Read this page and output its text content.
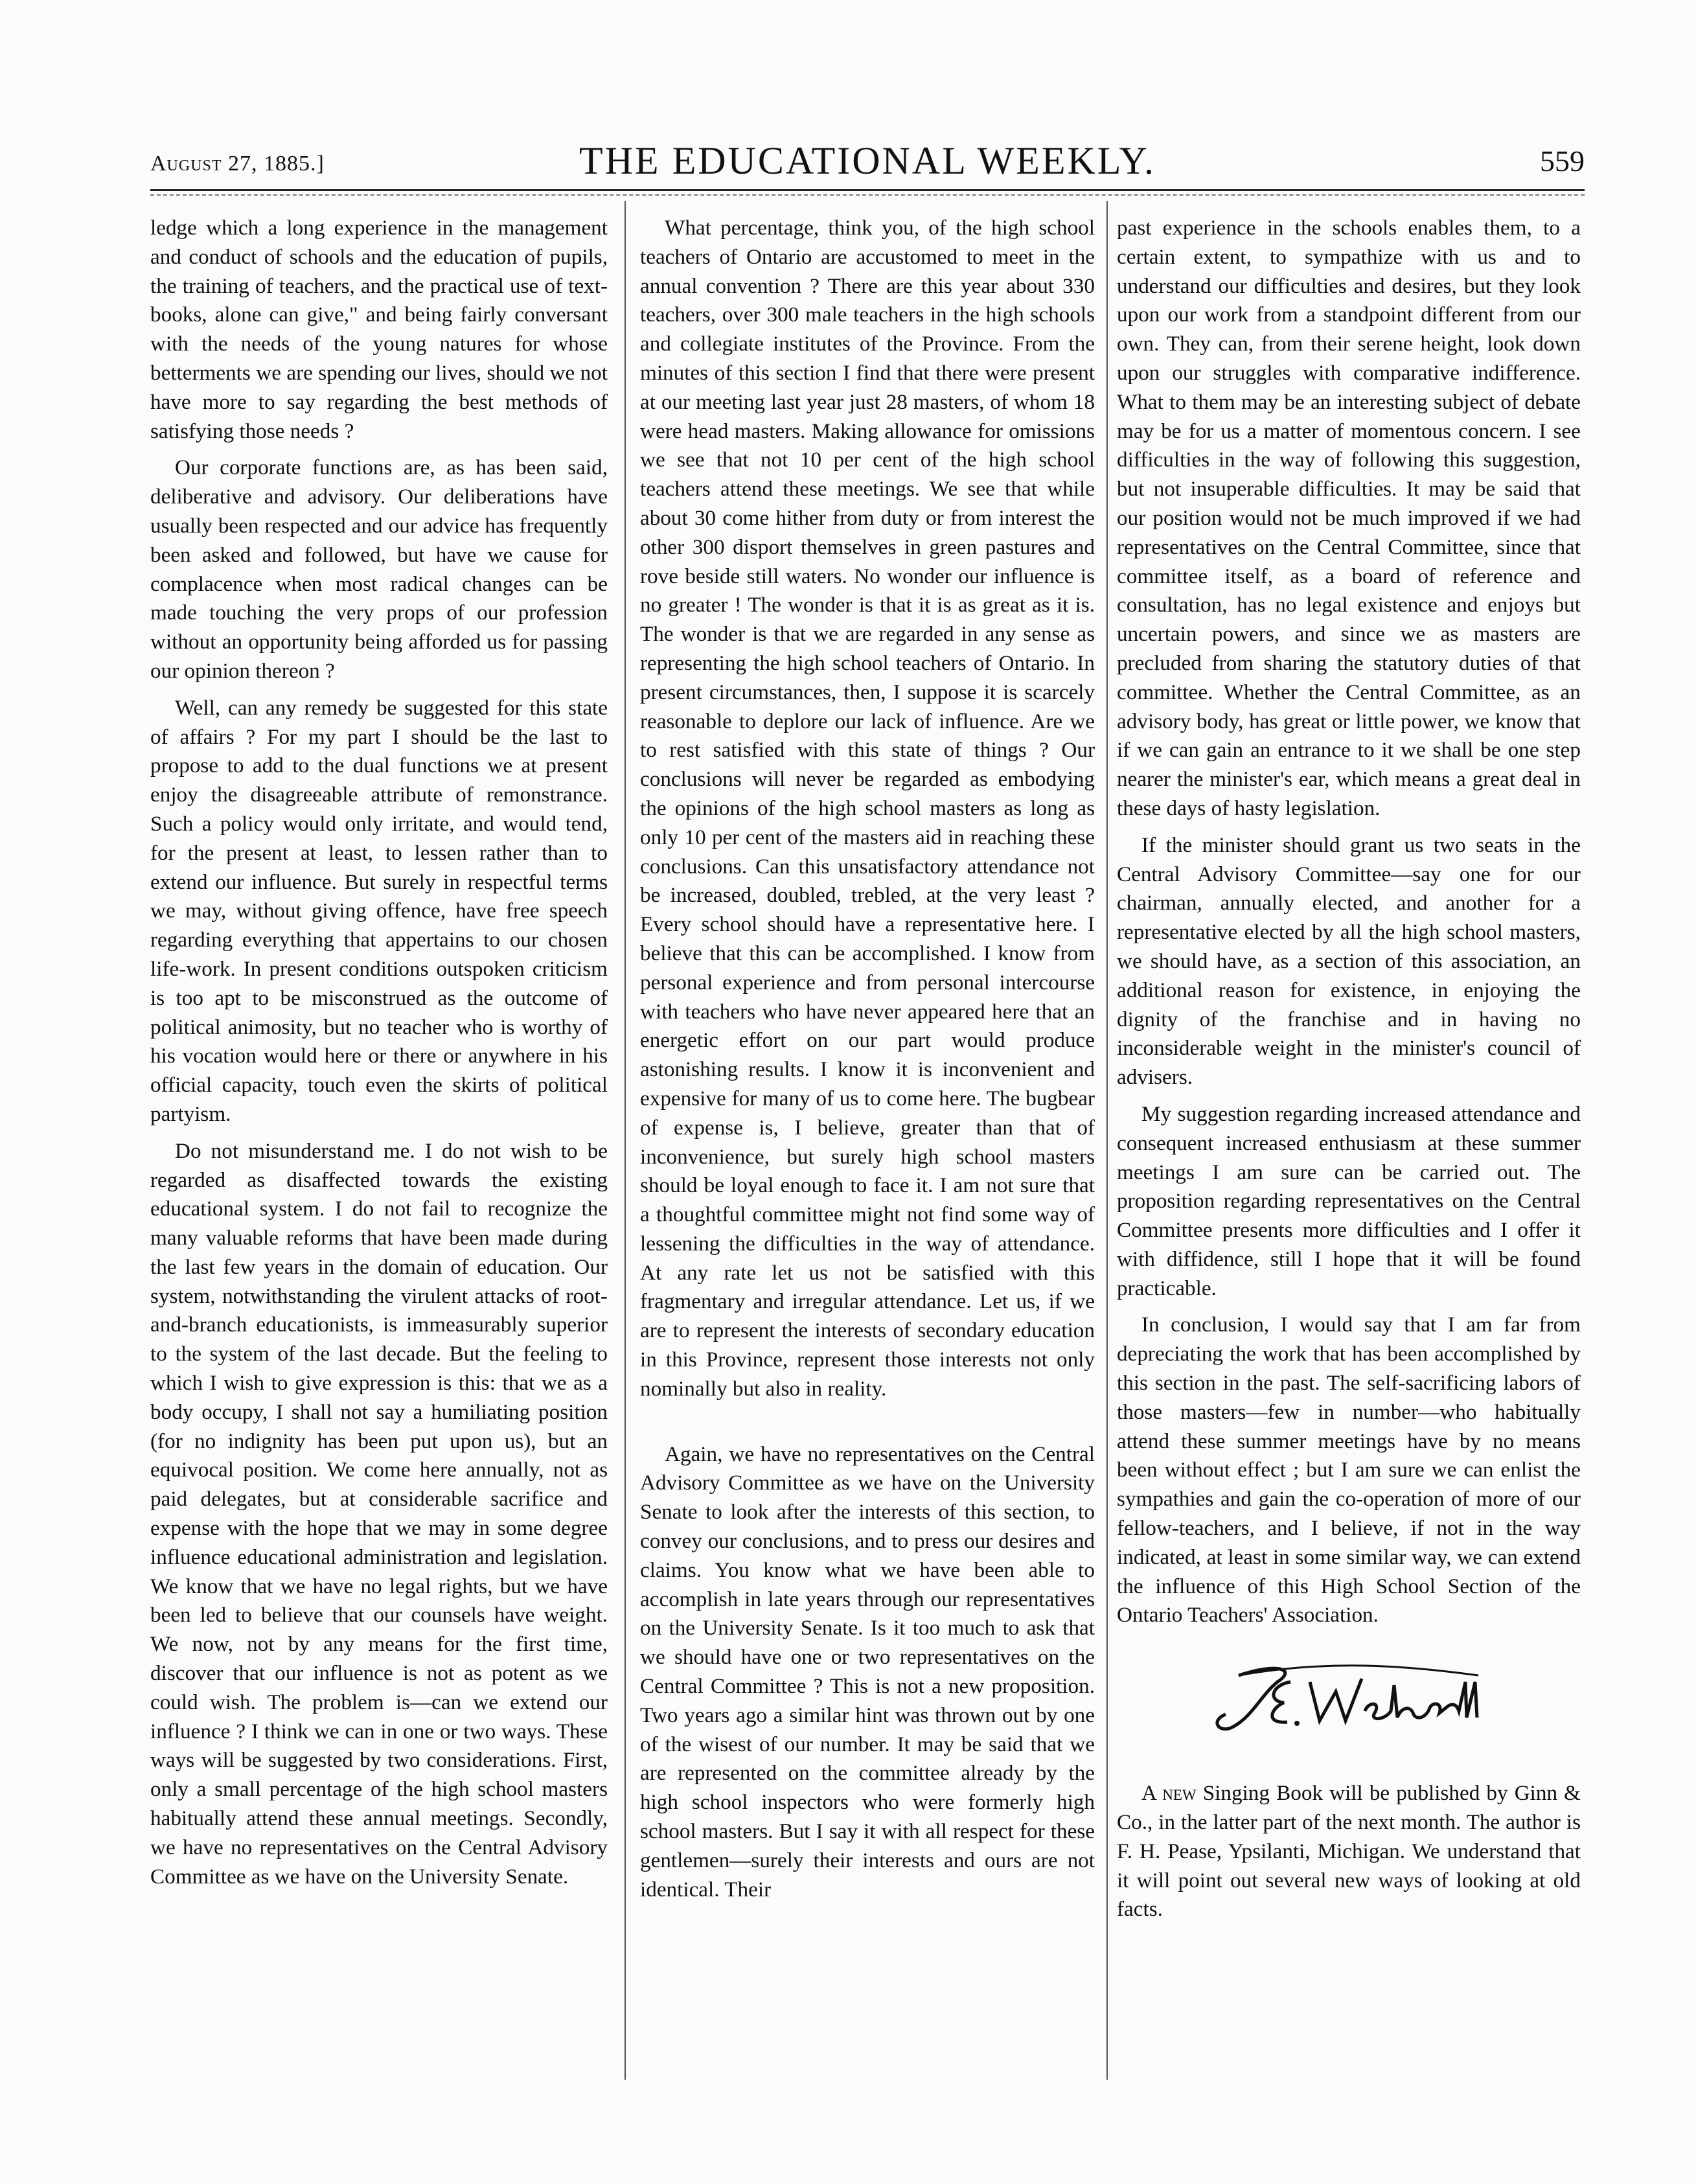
August 27, 1885.]	THE EDUCATIONAL WEEKLY.	559

ledge which a long experience in the management and conduct of schools and the education of pupils, the training of teachers, and the practical use of text-books, alone can give," and being fairly conversant with the needs of the young natures for whose betterments we are spending our lives, should we not have more to say regarding the best methods of satisfying those needs ?

Our corporate functions are, as has been said, deliberative and advisory. Our deliberations have usually been respected and our advice has frequently been asked and followed, but have we cause for complacence when most radical changes can be made touching the very props of our profession without an opportunity being afforded us for passing our opinion thereon ?

Well, can any remedy be suggested for this state of affairs ? For my part I should be the last to propose to add to the dual functions we at present enjoy the disagreeable attribute of remonstrance. Such a policy would only irritate, and would tend, for the present at least, to lessen rather than to extend our influence. But surely in respectful terms we may, without giving offence, have free speech regarding everything that appertains to our chosen life-work. In present conditions outspoken criticism is too apt to be misconstrued as the outcome of political animosity, but no teacher who is worthy of his vocation would here or there or anywhere in his official capacity, touch even the skirts of political partyism.

Do not misunderstand me. I do not wish to be regarded as disaffected towards the existing educational system. I do not fail to recognize the many valuable reforms that have been made during the last few years in the domain of education. Our system, notwithstanding the virulent attacks of root-and-branch educationists, is immeasurably superior to the system of the last decade. But the feeling to which I wish to give expression is this: that we as a body occupy, I shall not say a humiliating position (for no indignity has been put upon us), but an equivocal position. We come here annually, not as paid delegates, but at considerable sacrifice and expense with the hope that we may in some degree influence educational administration and legislation. We know that we have no legal rights, but we have been led to believe that our counsels have weight. We now, not by any means for the first time, discover that our influence is not as potent as we could wish. The problem is—can we extend our influence ? I think we can in one or two ways. These ways will be suggested by two considerations. First, only a small percentage of the high school masters habitually attend these annual meetings. Secondly, we have no representatives on the Central Advisory Committee as we have on the University Senate.

What percentage, think you, of the high school teachers of Ontario are accustomed to meet in the annual convention ? There are this year about 330 teachers, over 300 male teachers in the high schools and collegiate institutes of the Province. From the minutes of this section I find that there were present at our meeting last year just 28 masters, of whom 18 were head masters. Making allowance for omissions we see that not 10 per cent of the high school teachers attend these meetings. We see that while about 30 come hither from duty or from interest the other 300 disport themselves in green pastures and rove beside still waters. No wonder our influence is no greater ! The wonder is that it is as great as it is. The wonder is that we are regarded in any sense as representing the high school teachers of Ontario. In present circumstances, then, I suppose it is scarcely reasonable to deplore our lack of influence. Are we to rest satisfied with this state of things ? Our conclusions will never be regarded as embodying the opinions of the high school masters as long as only 10 per cent of the masters aid in reaching these conclusions. Can this unsatisfactory attendance not be increased, doubled, trebled, at the very least ? Every school should have a representative here. I believe that this can be accomplished. I know from personal experience and from personal intercourse with teachers who have never appeared here that an energetic effort on our part would produce astonishing results. I know it is inconvenient and expensive for many of us to come here. The bugbear of expense is, I believe, greater than that of inconvenience, but surely high school masters should be loyal enough to face it. I am not sure that a thoughtful committee might not find some way of lessening the difficulties in the way of attendance. At any rate let us not be satisfied with this fragmentary and irregular attendance. Let us, if we are to represent the interests of secondary education in this Province, represent those interests not only nominally but also in reality.

Again, we have no representatives on the Central Advisory Committee as we have on the University Senate to look after the interests of this section, to convey our conclusions, and to press our desires and claims. You know what we have been able to accomplish in late years through our representatives on the University Senate. Is it too much to ask that we should have one or two representatives on the Central Committee ? This is not a new proposition. Two years ago a similar hint was thrown out by one of the wisest of our number. It may be said that we are represented on the committee already by the high school inspectors who were formerly high school masters. But I say it with all respect for these gentlemen—surely their interests and ours are not identical. Their

past experience in the schools enables them, to a certain extent, to sympathize with us and to understand our difficulties and desires, but they look upon our work from a standpoint different from our own. They can, from their serene height, look down upon our struggles with comparative indifference. What to them may be an interesting subject of debate may be for us a matter of momentous concern. I see difficulties in the way of following this suggestion, but not insuperable difficulties. It may be said that our position would not be much improved if we had representatives on the Central Committee, since that committee itself, as a board of reference and consultation, has no legal existence and enjoys but uncertain powers, and since we as masters are precluded from sharing the statutory duties of that committee. Whether the Central Committee, as an advisory body, has great or little power, we know that if we can gain an entrance to it we shall be one step nearer the minister's ear, which means a great deal in these days of hasty legislation.

If the minister should grant us two seats in the Central Advisory Committee—say one for our chairman, annually elected, and another for a representative elected by all the high school masters, we should have, as a section of this association, an additional reason for existence, in enjoying the dignity of the franchise and in having no inconsiderable weight in the minister's council of advisers.

My suggestion regarding increased attendance and consequent increased enthusiasm at these summer meetings I am sure can be carried out. The proposition regarding representatives on the Central Committee presents more difficulties and I offer it with diffidence, still I hope that it will be found practicable.

In conclusion, I would say that I am far from depreciating the work that has been accomplished by this section in the past. The self-sacrificing labors of those masters—few in number—who habitually attend these summer meetings have by no means been without effect ; but I am sure we can enlist the sympathies and gain the co-operation of more of our fellow-teachers, and I believe, if not in the way indicated, at least in some similar way, we can extend the influence of this High School Section of the Ontario Teachers' Association.

A new Singing Book will be published by Ginn & Co., in the latter part of the next month. The author is F. H. Pease, Ypsilanti, Michigan. We understand that it will point out several new ways of looking at old facts.
